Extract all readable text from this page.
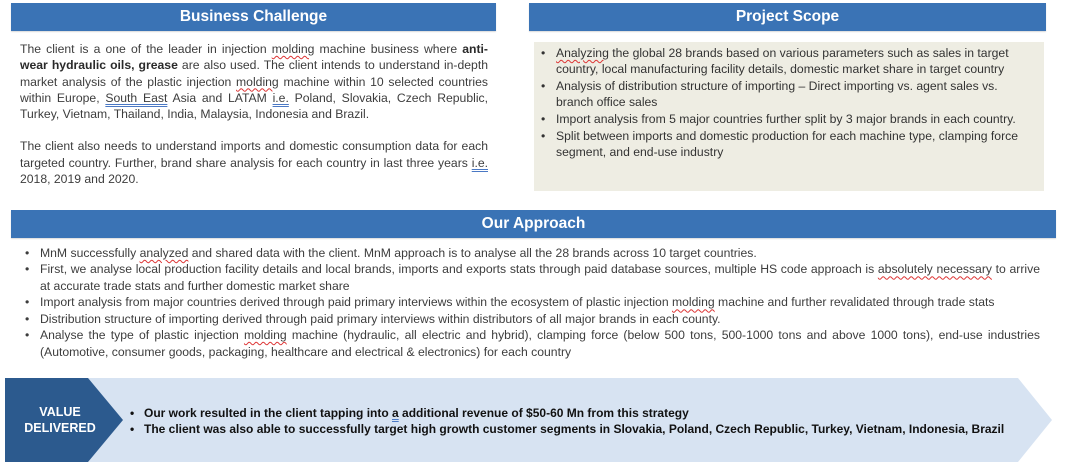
Business Challenge

The client is a one of the leader in injection molding machine business where anti-wear hydraulic oils, grease are also used. The client intends to understand in-depth market analysis of the plastic injection molding machine within 10 selected countries within Europe, South East Asia and LATAM i.e. Poland, Slovakia, Czech Republic, Turkey, Vietnam, Thailand, India, Malaysia, Indonesia and Brazil.

The client also needs to understand imports and domestic consumption data for each targeted country. Further, brand share analysis for each country in last three years i.e. 2018, 2019 and 2020.

Project Scope
• Analyzing the global 28 brands based on various parameters such as sales in target country, local manufacturing facility details, domestic market share in target country
• Analysis of distribution structure of importing – Direct importing vs. agent sales vs. branch office sales
• Import analysis from 5 major countries further split by 3 major brands in each country.
• Split between imports and domestic production for each machine type, clamping force segment, and end-use industry
Our Approach
• MnM successfully analyzed and shared data with the client. MnM approach is to analyse all the 28 brands across 10 target countries.
• First, we analyse local production facility details and local brands, imports and exports stats through paid database sources, multiple HS code approach is absolutely necessary to arrive at accurate trade stats and further domestic market share
• Import analysis from major countries derived through paid primary interviews within the ecosystem of plastic injection molding machine and further revalidated through trade stats
• Distribution structure of importing derived through paid primary interviews within distributors of all major brands in each county.
• Analyse the type of plastic injection molding machine (hydraulic, all electric and hybrid), clamping force (below 500 tons, 500-1000 tons and above 1000 tons), end-use industries (Automotive, consumer goods, packaging, healthcare and electrical & electronics) for each country
VALUE
DELIVERED
• Our work resulted in the client tapping into a additional revenue of $50-60 Mn from this strategy
• The client was also able to successfully target high growth customer segments in Slovakia, Poland, Czech Republic, Turkey, Vietnam, Indonesia, Brazil
